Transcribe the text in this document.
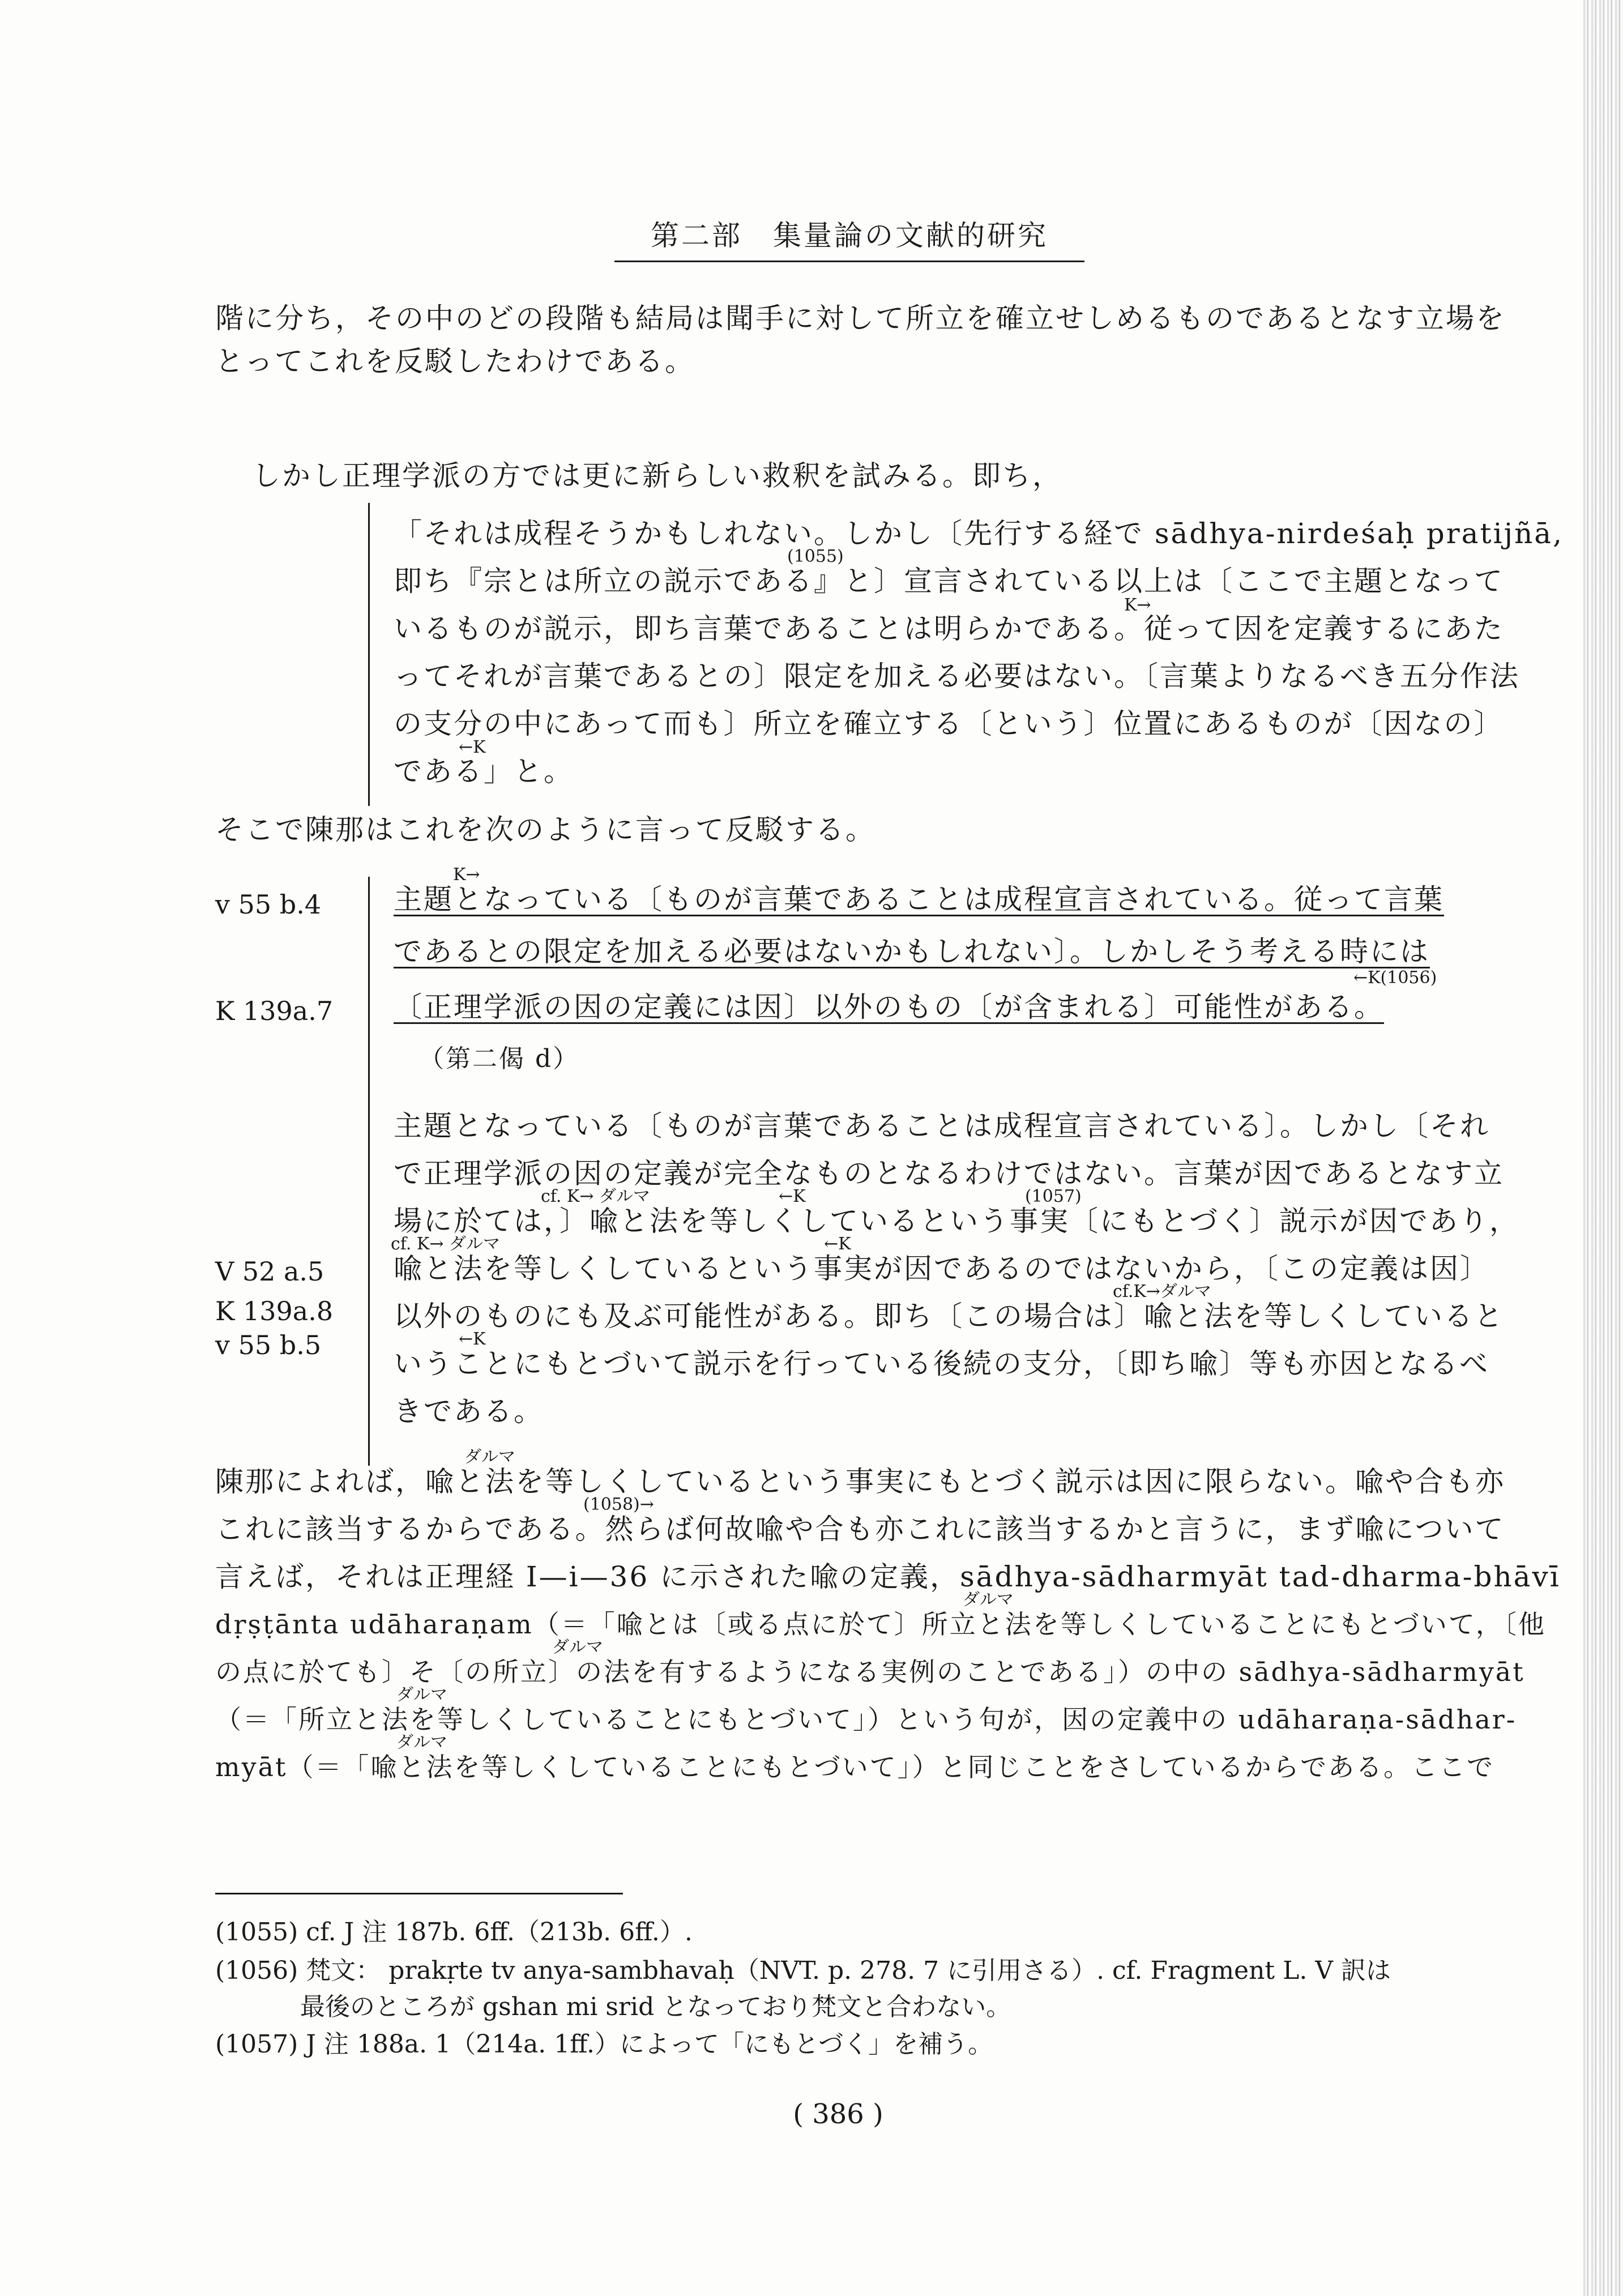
第二部　集量論の文献的研究
階に分ち，その中のどの段階も結局は聞手に対して所立を確立せしめるものであるとなす立場を
とってこれを反駁したわけである。
しかし正理学派の方では更に新らしい救釈を試みる。即ち，
「それは成程そうかもしれない。しかし〔先行する経で sādhya-nirdeśaḥ pratijñā,
(1055)
即ち『宗とは所立の説示である』と〕宣言されている以上は〔ここで主題となって
K→
いるものが説示，即ち言葉であることは明らかである。従って因を定義するにあた
ってそれが言葉であるとの〕限定を加える必要はない。〔言葉よりなるべき五分作法
の支分の中にあって而も〕所立を確立する〔という〕位置にあるものが〔因なの〕
←K
である」と。
そこで陳那はこれを次のように言って反駁する。
v 55 b.4
K→
主題となっている〔ものが言葉であることは成程宣言されている。従って言葉
であるとの限定を加える必要はないかもしれない〕。しかしそう考える時には
←K(1056)
K 139a.7 〔正理学派の因の定義には因〕以外のもの〔が含まれる〕可能性がある。
（第二偈 d）
主題となっている〔ものが言葉であることは成程宣言されている〕。しかし〔それ
で正理学派の因の定義が完全なものとなるわけではない。言葉が因であるとなす立
cf. K→ ダルマ	←K	(1057)
場に於ては，〕喩と法を等しくしているという事実〔にもとづく〕説示が因であり，
cf. K→ ダルマ	←K
V 52 a.5 喩と法を等しくしているという事実が因であるのではないから，〔この定義は因〕
cf.K→ダルマ
K 139a.8
v 55 b.5
以外のものにも及ぶ可能性がある。即ち〔この場合は〕喩と法を等しくしていると
←K
いうことにもとづいて説示を行っている後続の支分，〔即ち喩〕等も亦因となるべ
きである。
ダルマ
陳那によれば，喩と法を等しくしているという事実にもとづく説示は因に限らない。喩や合も亦
(1058)→
これに該当するからである。然らば何故喩や合も亦これに該当するかと言うに，まず喩について
言えば，それは正理経 I—i—36 に示された喩の定義，sādhya-sādharmyāt tad-dharma-bhāvī
ダルマ
dṛṣṭānta udāharaṇam（＝「喩とは〔或る点に於て〕所立と法を等しくしていることにもとづいて，〔他
ダルマ
の点に於ても〕そ〔の所立〕の法を有するようになる実例のことである」）の中の sādhya-sādharmyāt
ダルマ
（＝「所立と法を等しくしていることにもとづいて」）という句が，因の定義中の udāharaṇa-sādhar-
ダルマ
myāt（＝「喩と法を等しくしていることにもとづいて」）と同じことをさしているからである。ここで
(1055) cf. J 注 187b. 6ff.（213b. 6ff.）.
(1056) 梵文： prakṛte tv anya-sambhavaḥ（NVT. p. 278. 7 に引用さる）. cf. Fragment L. V 訳は
最後のところが gshan mi srid となっており梵文と合わない。
(1057) J 注 188a. 1（214a. 1ff.）によって「にもとづく」を補う。
( 386 )
